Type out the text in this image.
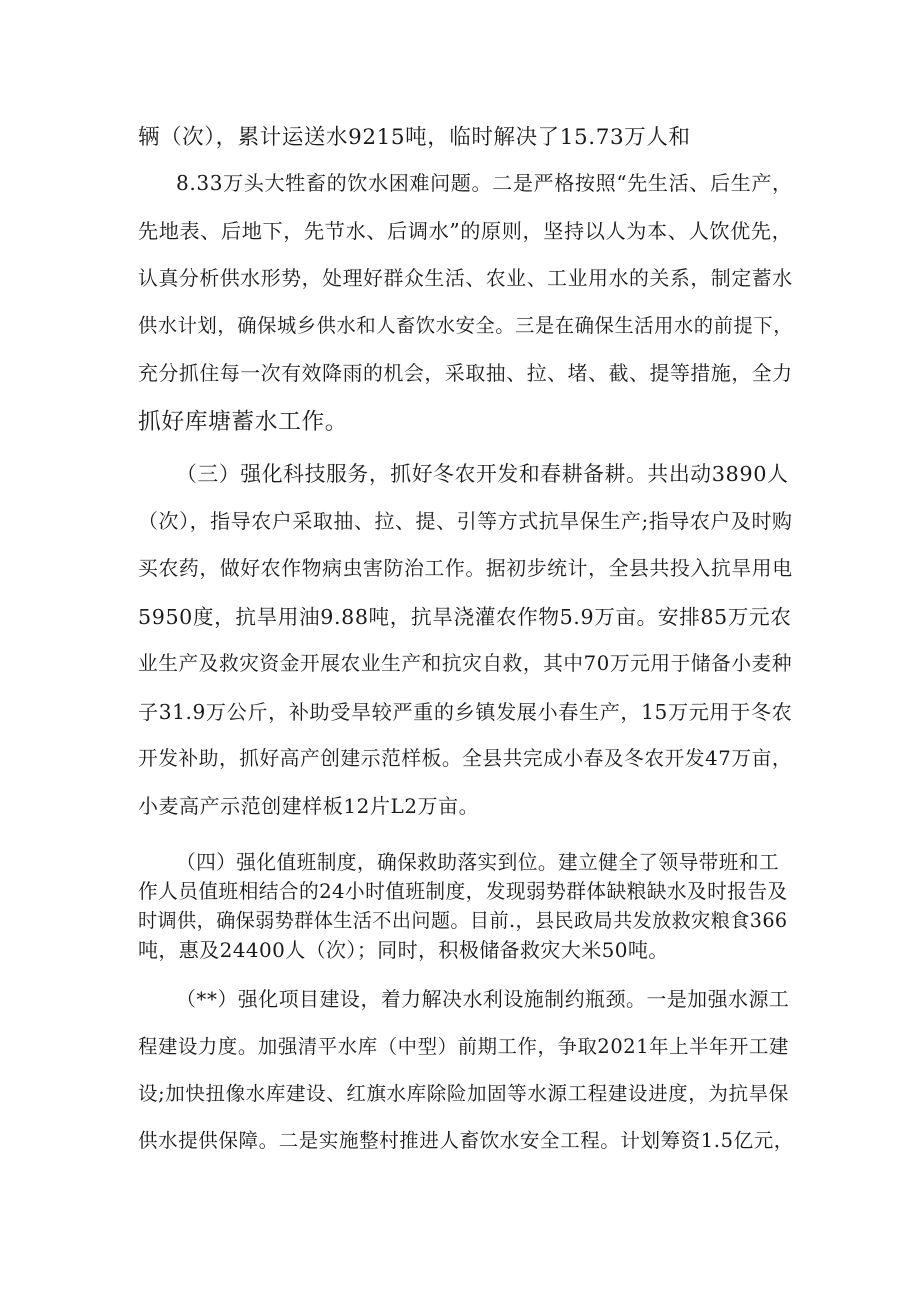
辆（次），累计运送水9215吨，临时解决了15.73万人和
8.33万头大牲畜的饮水困难问题。二是严格按照“先生活、后生产，
先地表、后地下，先节水、后调水”的原则，坚持以人为本、人饮优先，
认真分析供水形势，处理好群众生活、农业、工业用水的关系，制定蓄水
供水计划，确保城乡供水和人畜饮水安全。三是在确保生活用水的前提下，
充分抓住每一次有效降雨的机会，采取抽、拉、堵、截、提等措施，全力
抓好库塘蓄水工作。
（三）强化科技服务，抓好冬农开发和春耕备耕。共出动3890人
（次），指导农户采取抽、拉、提、引等方式抗旱保生产;指导农户及时购
买农药，做好农作物病虫害防治工作。据初步统计，全县共投入抗旱用电
5950度，抗旱用油9.88吨，抗旱浇灌农作物5.9万亩。安排85万元农
业生产及救灾资金开展农业生产和抗灾自救，其中70万元用于储备小麦种
子31.9万公斤，补助受旱较严重的乡镇发展小春生产，15万元用于冬农
开发补助，抓好高产创建示范样板。全县共完成小春及冬农开发47万亩，
小麦高产示范创建样板12片L2万亩。
（四）强化值班制度，确保救助落实到位。建立健全了领导带班和工
作人员值班相结合的24小时值班制度，发现弱势群体缺粮缺水及时报告及
时调供，确保弱势群体生活不出问题。目前.，县民政局共发放救灾粮食366
吨，惠及24400人（次）；同时，积极储备救灾大米50吨。
（**）强化项目建设，着力解决水利设施制约瓶颈。一是加强水源工
程建设力度。加强清平水库（中型）前期工作，争取2021年上半年开工建
设;加快扭像水库建设、红旗水库除险加固等水源工程建设进度，为抗旱保
供水提供保障。二是实施整村推进人畜饮水安全工程。计划筹资1.5亿元，
